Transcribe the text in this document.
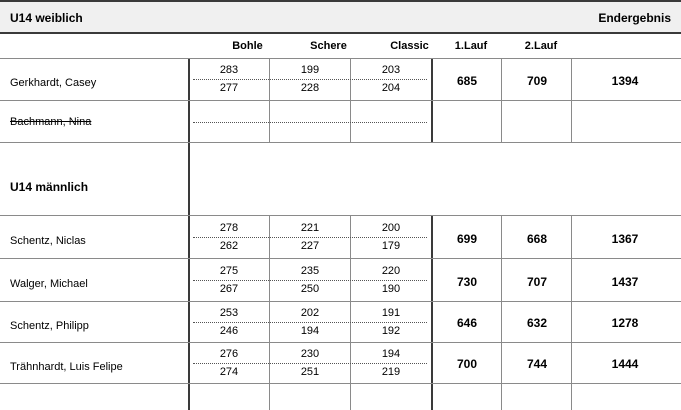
U14 weiblich	Endergebnis
Bohle	Schere	Classic	1.Lauf	2.Lauf
Gerkhardt, Casey
283	199	203
277	228	204	685	709	1394
Bachmann, Nina
U14 männlich
Schentz, Niclas
278	221	200
262	227	179	699	668	1367
Walger, Michael
275	235	220
267	250	190	730	707	1437
Schentz, Philipp
253	202	191
246	194	192
646	632	1278
Trähnhardt, Luis Felipe
276	230	194
274	251	219
700	744	1444
